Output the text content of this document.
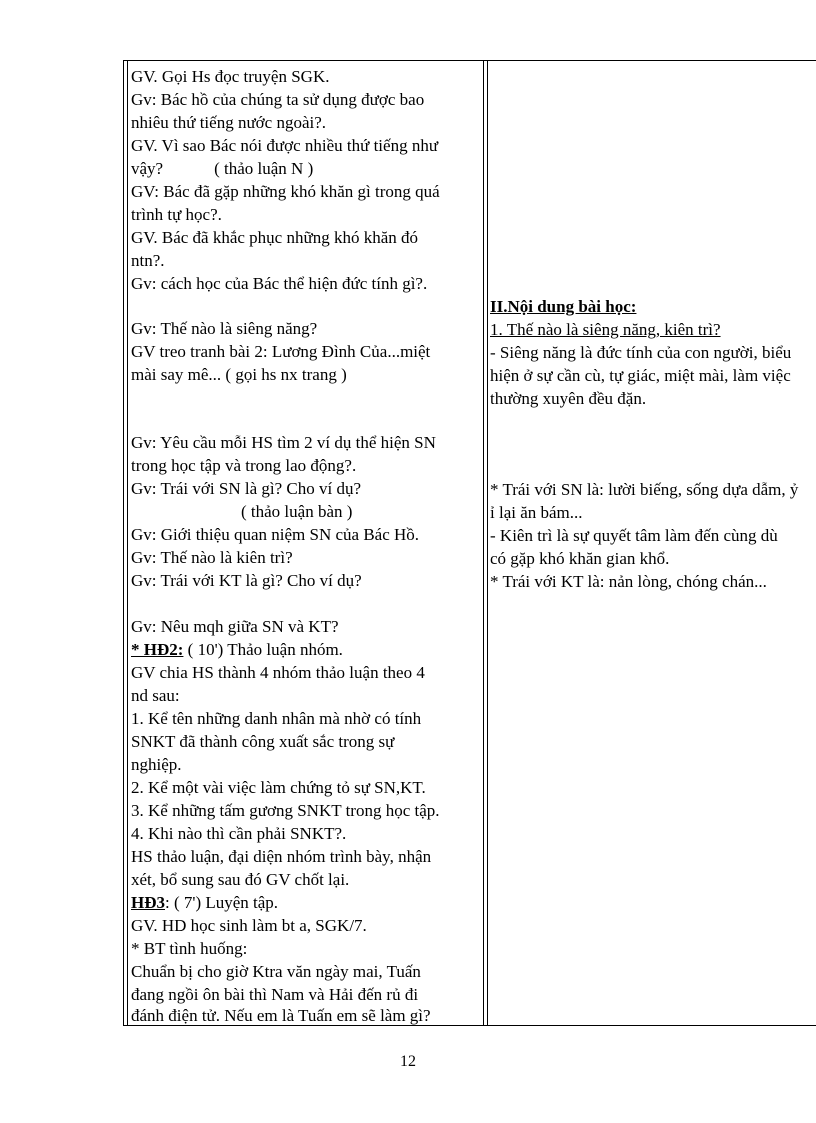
GV. Gọi Hs đọc truyện SGK.
Gv: Bác hồ của chúng ta sử dụng được bao
nhiêu thứ tiếng nước ngoài?.
GV. Vì sao Bác nói được nhiều thứ tiếng như
vậy?            ( thảo luận N )
GV: Bác đã gặp những khó khăn gì trong quá
trình tự học?.
GV. Bác đã khắc phục những khó khăn đó
ntn?.
Gv: cách học của Bác thể hiện đức tính gì?.
Gv: Thế nào là siêng năng?
GV treo tranh bài 2: Lương Đình Của...miệt
mài say mê... ( gọi hs nx trang )
Gv: Yêu cầu mỗi HS tìm 2 ví dụ thể hiện SN
trong học tập và trong lao động?.
Gv: Trái với SN là gì? Cho ví dụ?
( thảo luận bàn )
Gv: Giới thiệu quan niệm SN của Bác Hồ.
Gv: Thế nào là kiên trì?
Gv: Trái với KT là gì? Cho ví dụ?
Gv: Nêu mqh giữa SN và KT?
* HĐ2: ( 10') Thảo luận nhóm.
GV chia HS thành 4 nhóm thảo luận theo 4
nd sau:
1. Kể tên những danh nhân mà nhờ có tính
SNKT đã thành công xuất sắc trong sự
nghiệp.
2. Kể một vài việc làm chứng tỏ sự SN,KT.
3. Kể những tấm gương SNKT trong học tập.
4. Khi nào thì cần phải SNKT?.
HS thảo luận, đại diện nhóm trình bày, nhận
xét, bổ sung sau đó GV chốt lại.
HĐ3: ( 7') Luyện tập.
GV. HD học sinh làm bt a, SGK/7.
* BT tình huống:
Chuẩn bị cho giờ Ktra văn ngày mai, Tuấn
đang ngồi ôn bài thì Nam và Hải đến rủ đi
đánh điện tử. Nếu em là Tuấn em sẽ làm gì?
II.Nội dung bài học:
1. Thế nào là siêng năng, kiên trì?
- Siêng năng là đức tính của con người, biểu
hiện ở sự cần cù, tự giác, miệt mài, làm việc
thường xuyên đều đặn.
* Trái với SN là: lười biếng, sống dựa dẫm, ỷ
ỉ lại ăn bám...
- Kiên trì là sự quyết tâm làm đến cùng dù
có gặp khó khăn gian khổ.
* Trái với KT là: nản lòng, chóng chán...
12
